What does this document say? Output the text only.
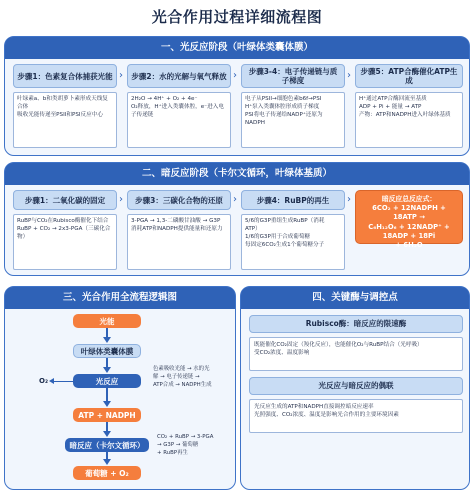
光合作用过程详细流程图
一、光反应阶段（叶绿体类囊体膜）
步骤1：色素复合体捕获光能 ›	步骤2：水的光解与氧气释放 ›	步骤3-4：电子传递链与质子梯度	›	步骤5：ATP合酶催化ATP生成
叶绿素a、b和类胡萝卜素形成天线复
合体
吸收光能传递至PSII和PSI反应中心
2H₂O → 4H⁺ + O₂ + 4e⁻
O₂释放，H⁺进入类囊体腔，e⁻进入电
子传递链
电子从PSII→细胞色素b6f→PSI
H⁺泵入类囊体腔形成质子梯度
PSI将电子传递给NADP⁺还原为NADPH
H⁺通过ATP合酶回流至基质
ADP + Pi + 能量 → ATP
产物：ATP和NADPH进入叶绿体基质
二、暗反应阶段（卡尔文循环，叶绿体基质）
步骤1：二氧化碳的固定	›	步骤3：三碳化合物的还原	›	步骤4：RuBP的再生	›	暗反应总反应式：
6CO₂ + 12NADPH + 18ATP →
C₆H₁₂O₆ + 12NADP⁺ + 18ADP + 18Pi
+ 6H₂O
RuBP与CO₂在Rubisco酶催化下结合
RuBP + CO₂ → 2x3-PGA（三碳化合
物）
3-PGA → 1,3-二磷酸甘油酸 → G3P
消耗ATP和NADPH提供能量和还原力
5/6的G3P重组生成RuBP（消耗
ATP）
1/6的G3P用于合成葡萄糖
每固定6CO₂生成1个葡萄糖分子
三、光合作用全流程逻辑图
光能
叶绿体类囊体膜
光反应
O₂
色素吸收光能 → 水的光
解 → 电子传递链 →
ATP合成 → NADPH生成
ATP + NADPH
暗反应（卡尔文循环）
CO₂ + RuBP → 3-PGA
→ G3P → 葡萄糖
+ RuBP再生
葡萄糖 + O₂
四、关键酶与调控点
Rubisco酶：暗反应的限速酶
既能催化CO₂固定（羧化反应），也能催化O₂与RuBP结合（光呼吸）
受CO₂浓度、温度影响
光反应与暗反应的偶联
光反应生成的ATP和NADPH直接调控暗反应速率
光照强度、CO₂浓度、温度是影响光合作用的主要环境因素
